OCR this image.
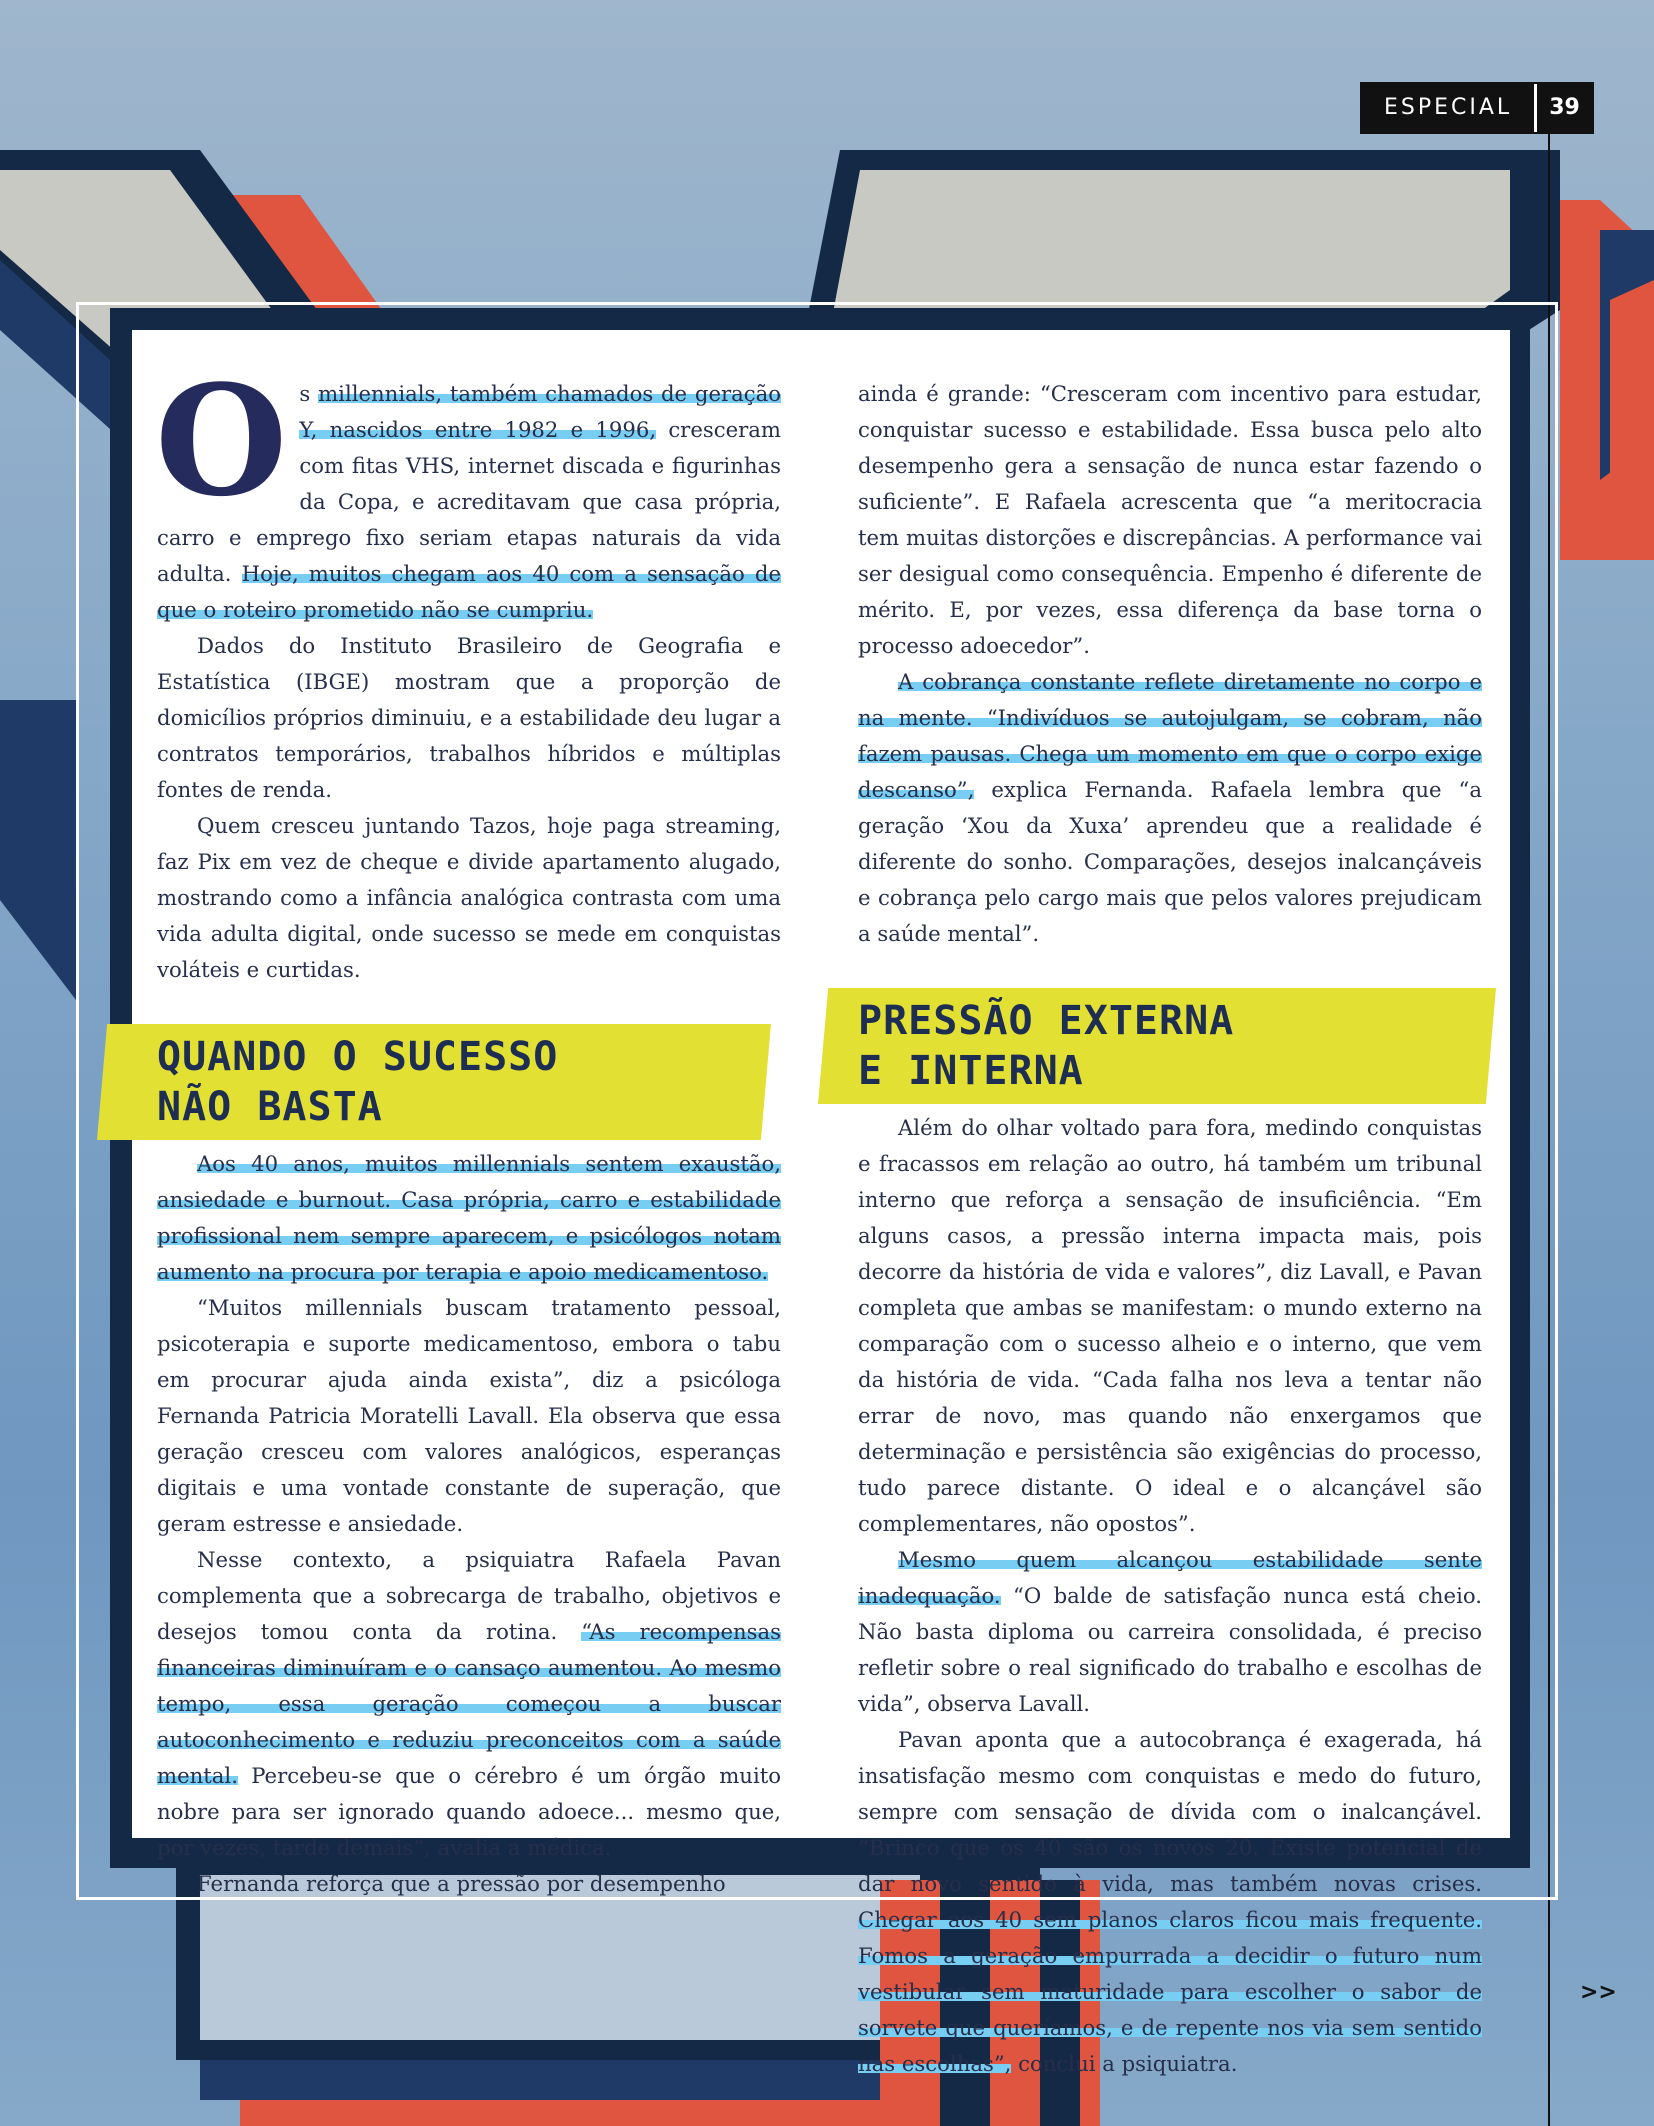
ESPECIAL	39

Os millennials, também chamados de geração Y, nascidos entre 1982 e 1996, cresceram com fitas VHS, internet discada e figurinhas da Copa, e acreditavam que casa própria, carro e emprego fixo seriam etapas naturais da vida adulta. Hoje, muitos chegam aos 40 com a sensação de que o roteiro prometido não se cumpriu.

Dados do Instituto Brasileiro de Geografia e Estatística (IBGE) mostram que a proporção de domicílios próprios diminuiu, e a estabilidade deu lugar a contratos temporários, trabalhos híbridos e múltiplas fontes de renda.

Quem cresceu juntando Tazos, hoje paga streaming, faz Pix em vez de cheque e divide apartamento alugado, mostrando como a infância analógica contrasta com uma vida adulta digital, onde sucesso se mede em conquistas voláteis e curtidas.

QUANDO O SUCESSO
NÃO BASTA

Aos 40 anos, muitos millennials sentem exaustão, ansiedade e burnout. Casa própria, carro e estabilidade profissional nem sempre aparecem, e psicólogos notam aumento na procura por terapia e apoio medicamentoso.

“Muitos millennials buscam tratamento pessoal, psicoterapia e suporte medicamentoso, embora o tabu em procurar ajuda ainda exista”, diz a psicóloga Fernanda Patricia Moratelli Lavall. Ela observa que essa geração cresceu com valores analógicos, esperanças digitais e uma vontade constante de superação, que geram estresse e ansiedade.

Nesse contexto, a psiquiatra Rafaela Pavan complementa que a sobrecarga de trabalho, objetivos e desejos tomou conta da rotina. “As recompensas financeiras diminuíram e o cansaço aumentou. Ao mesmo tempo, essa geração começou a buscar autoconhecimento e reduziu preconceitos com a saúde mental. Percebeu-se que o cérebro é um órgão muito nobre para ser ignorado quando adoece... mesmo que, por vezes, tarde demais”, avalia a médica.

Fernanda reforça que a pressão por desempenho

ainda é grande: “Cresceram com incentivo para estudar, conquistar sucesso e estabilidade. Essa busca pelo alto desempenho gera a sensação de nunca estar fazendo o suficiente”. E Rafaela acrescenta que “a meritocracia tem muitas distorções e discrepâncias. A performance vai ser desigual como consequência. Empenho é diferente de mérito. E, por vezes, essa diferença da base torna o processo adoecedor”.

A cobrança constante reflete diretamente no corpo e na mente. “Indivíduos se autojulgam, se cobram, não fazem pausas. Chega um momento em que o corpo exige descanso”, explica Fernanda. Rafaela lembra que “a geração ‘Xou da Xuxa’ aprendeu que a realidade é diferente do sonho. Comparações, desejos inalcançáveis e cobrança pelo cargo mais que pelos valores prejudicam a saúde mental”.

PRESSÃO EXTERNA
E INTERNA

Além do olhar voltado para fora, medindo conquistas e fracassos em relação ao outro, há também um tribunal interno que reforça a sensação de insuficiência. “Em alguns casos, a pressão interna impacta mais, pois decorre da história de vida e valores”, diz Lavall, e Pavan completa que ambas se manifestam: o mundo externo na comparação com o sucesso alheio e o interno, que vem da história de vida. “Cada falha nos leva a tentar não errar de novo, mas quando não enxergamos que determinação e persistência são exigências do processo, tudo parece distante. O ideal e o alcançável são complementares, não opostos”.

Mesmo quem alcançou estabilidade sente inadequação. “O balde de satisfação nunca está cheio. Não basta diploma ou carreira consolidada, é preciso refletir sobre o real significado do trabalho e escolhas de vida”, observa Lavall.

Pavan aponta que a autocobrança é exagerada, há insatisfação mesmo com conquistas e medo do futuro, sempre com sensação de dívida com o inalcançável. “Brinco que os 40 são os novos 20. Existe potencial de dar novo sentido à vida, mas também novas crises. Chegar aos 40 sem planos claros ficou mais frequente. Fomos a geração empurrada a decidir o futuro num vestibular sem maturidade para escolher o sabor de sorvete que queríamos, e de repente nos via sem sentido nas escolhas”, conclui a psiquiatra.

>>
